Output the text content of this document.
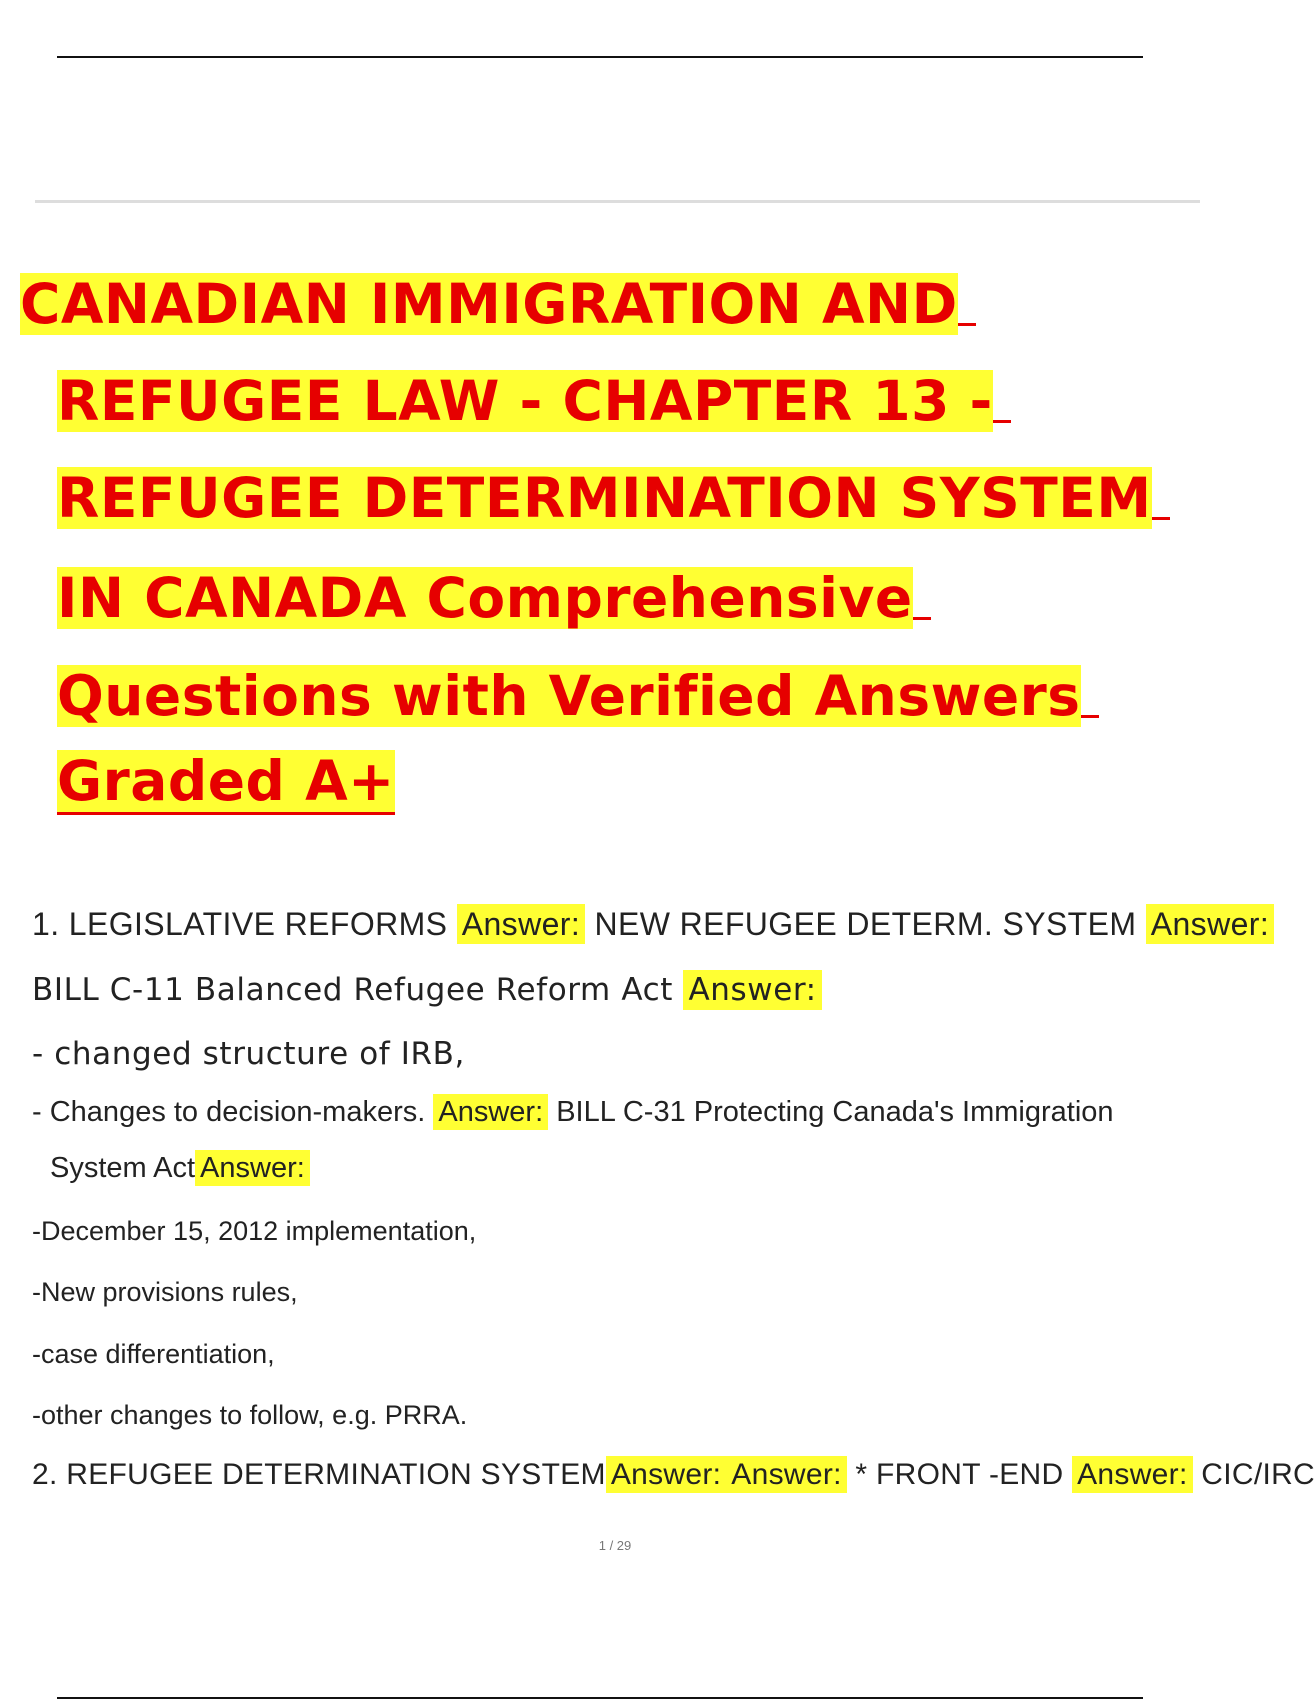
CANADIAN IMMIGRATION AND
REFUGEE LAW - CHAPTER 13 -
REFUGEE DETERMINATION SYSTEM
IN CANADA Comprehensive
Questions with Verified Answers
Graded A+
1. LEGISLATIVE REFORMS Answer: NEW REFUGEE DETERM. SYSTEM Answer:
BILL C-11 Balanced Refugee Reform Act Answer:
- changed structure of IRB,
- Changes to decision-makers. Answer: BILL C-31 Protecting Canada's Immigration
System Act Answer:
-December 15, 2012 implementation,
-New provisions rules,
-case differentiation,
-other changes to follow, e.g. PRRA.
2. REFUGEE DETERMINATION SYSTEM Answer: Answer: * FRONT -END Answer: CIC/IRC
1 / 29
